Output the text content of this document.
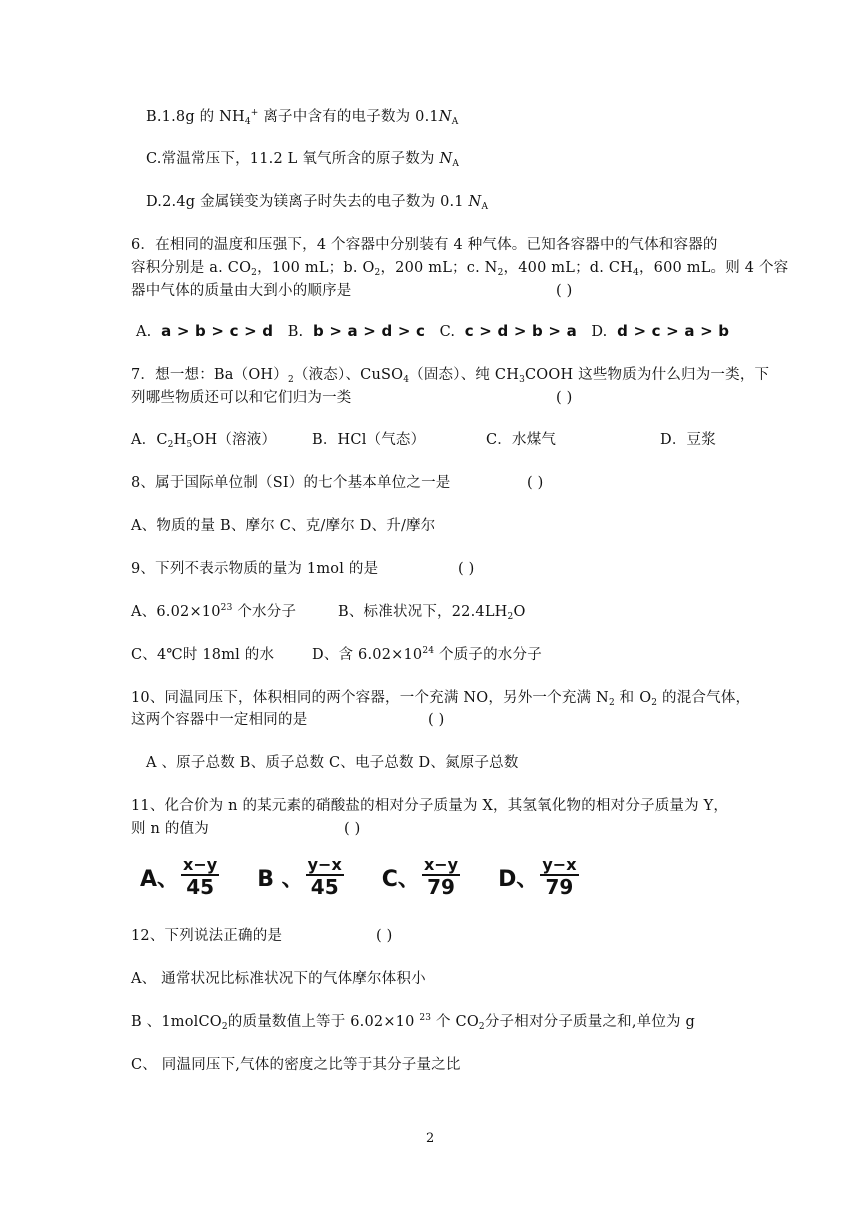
B.1.8g 的 $NH_4^+$ 离子中含有的电子数为 $0.1N_A$
C.常温常压下，11.2 L 氧气所含的原子数为 $N_A$
D.2.4g 金属镁变为镁离子时失去的电子数为 0.1 $N_A$
6．在相同的温度和压强下，4 个容器中分别装有 4 种气体。已知各容器中的气体和容器的
容积分别是 a. $CO_2$，100 mL；b. $O_2$，200 mL；c. $N_2$，400 mL；d. $CH_4$，600 mL。则 4 个容
器中气体的质量由大到小的顺序是	( )
A. a > b > c > d B. b > a > d > c C. c > d > b > a D. d > c > a > b
7．想一想：$Ba(OH)_2$（液态）、CuSO$_4$（固态）、纯 $CH_3COOH$ 这些物质为什么归为一类，下
列哪些物质还可以和它们归为一类	( )
A．$C_2H_5OH$（溶液） B．HCl（气态）	C．水煤气	D．豆浆
8、属于国际单位制（SI）的七个基本单位之一是	( )
A、物质的量 B、摩尔 C、克/摩尔 D、升/摩尔
9、下列不表示物质的量为 1mol 的是	( )
A、$6.02\times 10^{23}$ 个水分子	B、标准状况下，$22.4LH_2O$
C、4℃时 18ml 的水	D、含 $6.02\times 10^{24}$ 个质子的水分子
10、同温同压下，体积相同的两个容器，一个充满 NO，另外一个充满 $N_2$ 和 $O_2$ 的混合气体，
这两个容器中一定相同的是	( )
A 、原子总数 B、质子总数 C、电子总数 D、氮原子总数
11、化合价为 n 的某元素的硝酸盐的相对分子质量为 X，其氢氧化物的相对分子质量为 Y，
则 n 的值为	( )
A、 $\frac{x-y}{45}$ B 、 $\frac{y-x}{45}$ C、 $\frac{x-y}{79}$ D、 $\frac{y-x}{79}$
12、下列说法正确的是	( )
A、 通常状况比标准状况下的气体摩尔体积小
B 、1molCO$_2$的质量数值上等于 6.02×10 $^{23}$ 个 $CO_2$分子相对分子质量之和,单位为 g
C、 同温同压下,气体的密度之比等于其分子量之比
2
